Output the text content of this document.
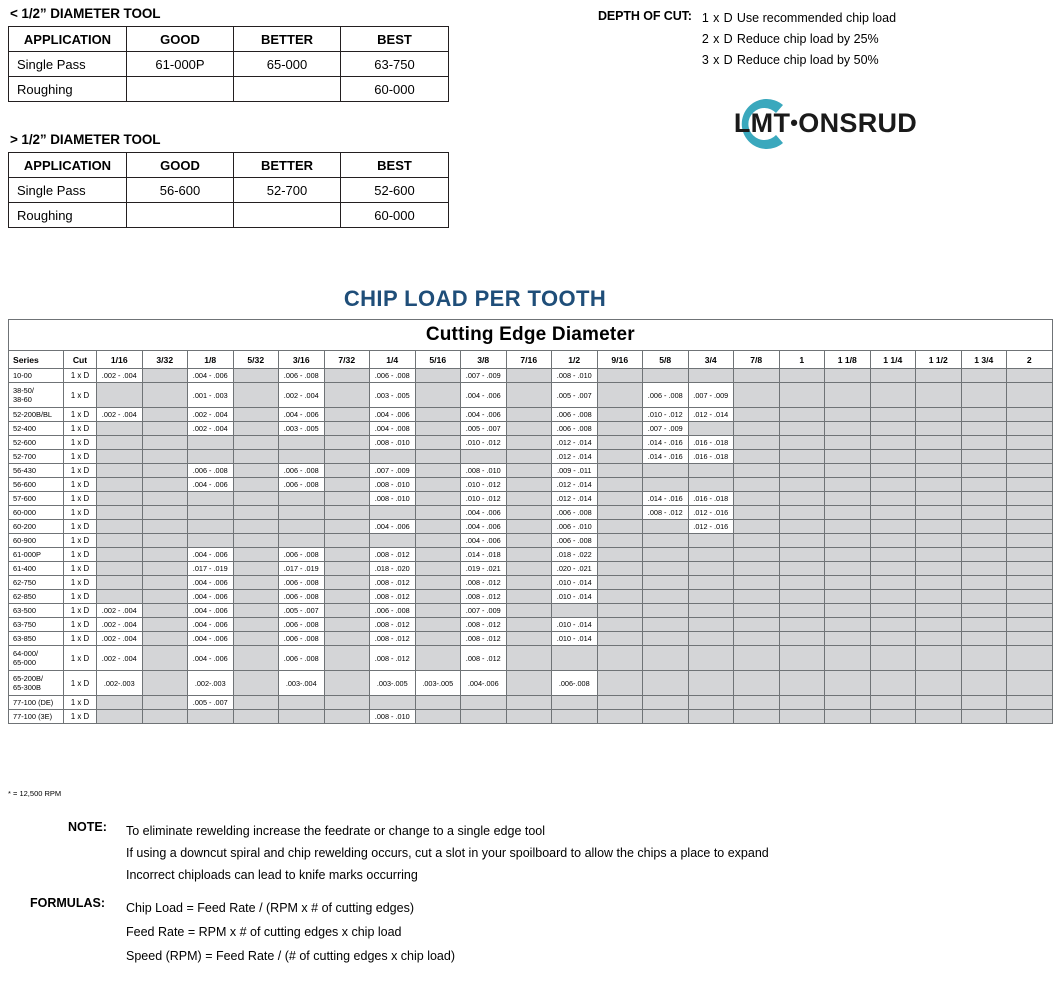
< 1/2” DIAMETER TOOL
APPLICATION	GOOD	BETTER	BEST
Single Pass	61-000P	65-000	63-750
Roughing			60-000
> 1/2” DIAMETER TOOL
APPLICATION	GOOD	BETTER	BEST
Single Pass	56-600	52-700	52-600
Roughing			60-000
DEPTH OF CUT: 1 x D Use recommended chip load
2 x D Reduce chip load by 25%
3 x D Reduce chip load by 50%
LMT•ONSRUD
CHIP LOAD PER TOOTH
Cutting Edge Diameter																						
Series	Cut	1/16	3/32	1/8	5/32	3/16	7/32	1/4	5/16	3/8	7/16	1/2	9/16	5/8	3/4	7/8	1	1 1/8	1 1/4	1 1/2	1 3/4	2
10-00	1 x D	.002 - .004		.004 - .006		.006 - .008		.006 - .008		.007 - .009		.008 - .010										
38-50/
38-60	1 x D			.001 - .003		.002 - .004		.003 - .005		.004 - .006		.005 - .007		.006 - .008	.007 - .009							
52-200B/BL	1 x D	.002 - .004		.002 - .004		.004 - .006		.004 - .006		.004 - .006		.006 - .008		.010 - .012	.012 - .014							
52-400	1 x D			.002 - .004		.003 - .005		.004 - .008		.005 - .007		.006 - .008		.007 - .009								
52-600	1 x D							.008 - .010		.010 - .012		.012 - .014		.014 - .016	.016 - .018							
52-700	1 x D											.012 - .014		.014 - .016	.016 - .018							
56-430	1 x D			.006 - .008		.006 - .008		.007 - .009		.008 - .010		.009 - .011										
56-600	1 x D			.004 - .006		.006 - .008		.008 - .010		.010 - .012		.012 - .014										
57-600	1 x D							.008 - .010		.010 - .012		.012 - .014		.014 - .016	.016 - .018							
60-000	1 x D									.004 - .006		.006 - .008		.008 - .012	.012 - .016							
60-200	1 x D							.004 - .006		.004 - .006		.006 - .010			.012 - .016							
60-900	1 x D									.004 - .006		.006 - .008										
61-000P	1 x D			.004 - .006		.006 - .008		.008 - .012		.014 - .018		.018 - .022										
61-400	1 x D			.017 - .019		.017 - .019		.018 - .020		.019 - .021		.020 - .021										
62-750	1 x D			.004 - .006		.006 - .008		.008 - .012		.008 - .012		.010 - .014										
62-850	1 x D			.004 - .006		.006 - .008		.008 - .012		.008 - .012		.010 - .014										
63-500	1 x D	.002 - .004		.004 - .006		.005 - .007		.006 - .008		.007 - .009												
63-750	1 x D	.002 - .004		.004 - .006		.006 - .008		.008 - .012		.008 - .012		.010 - .014										
63-850	1 x D	.002 - .004		.004 - .006		.006 - .008		.008 - .012		.008 - .012		.010 - .014										
64-000/
65-000	1 x D	.002 - .004		.004 - .006		.006 - .008		.008 - .012		.008 - .012												
65-200B/
65-300B	1 x D	.002-.003		.002-.003		.003-.004		.003-.005	.003-.005	.004-.006		.006-.008										
77-100 (DE)	1 x D			.005 - .007																		
77-100 (3E)	1 x D							.008 - .010														
* = 12,500 RPM
NOTE:	To eliminate rewelding increase the feedrate or change to a single edge tool
If using a downcut spiral and chip rewelding occurs, cut a slot in your spoilboard to allow the chips a place to expand
Incorrect chiploads can lead to knife marks occurring
FORMULAS:	Chip Load = Feed Rate / (RPM x # of cutting edges)
Feed Rate = RPM x # of cutting edges x chip load
Speed (RPM) = Feed Rate / (# of cutting edges x chip load)
